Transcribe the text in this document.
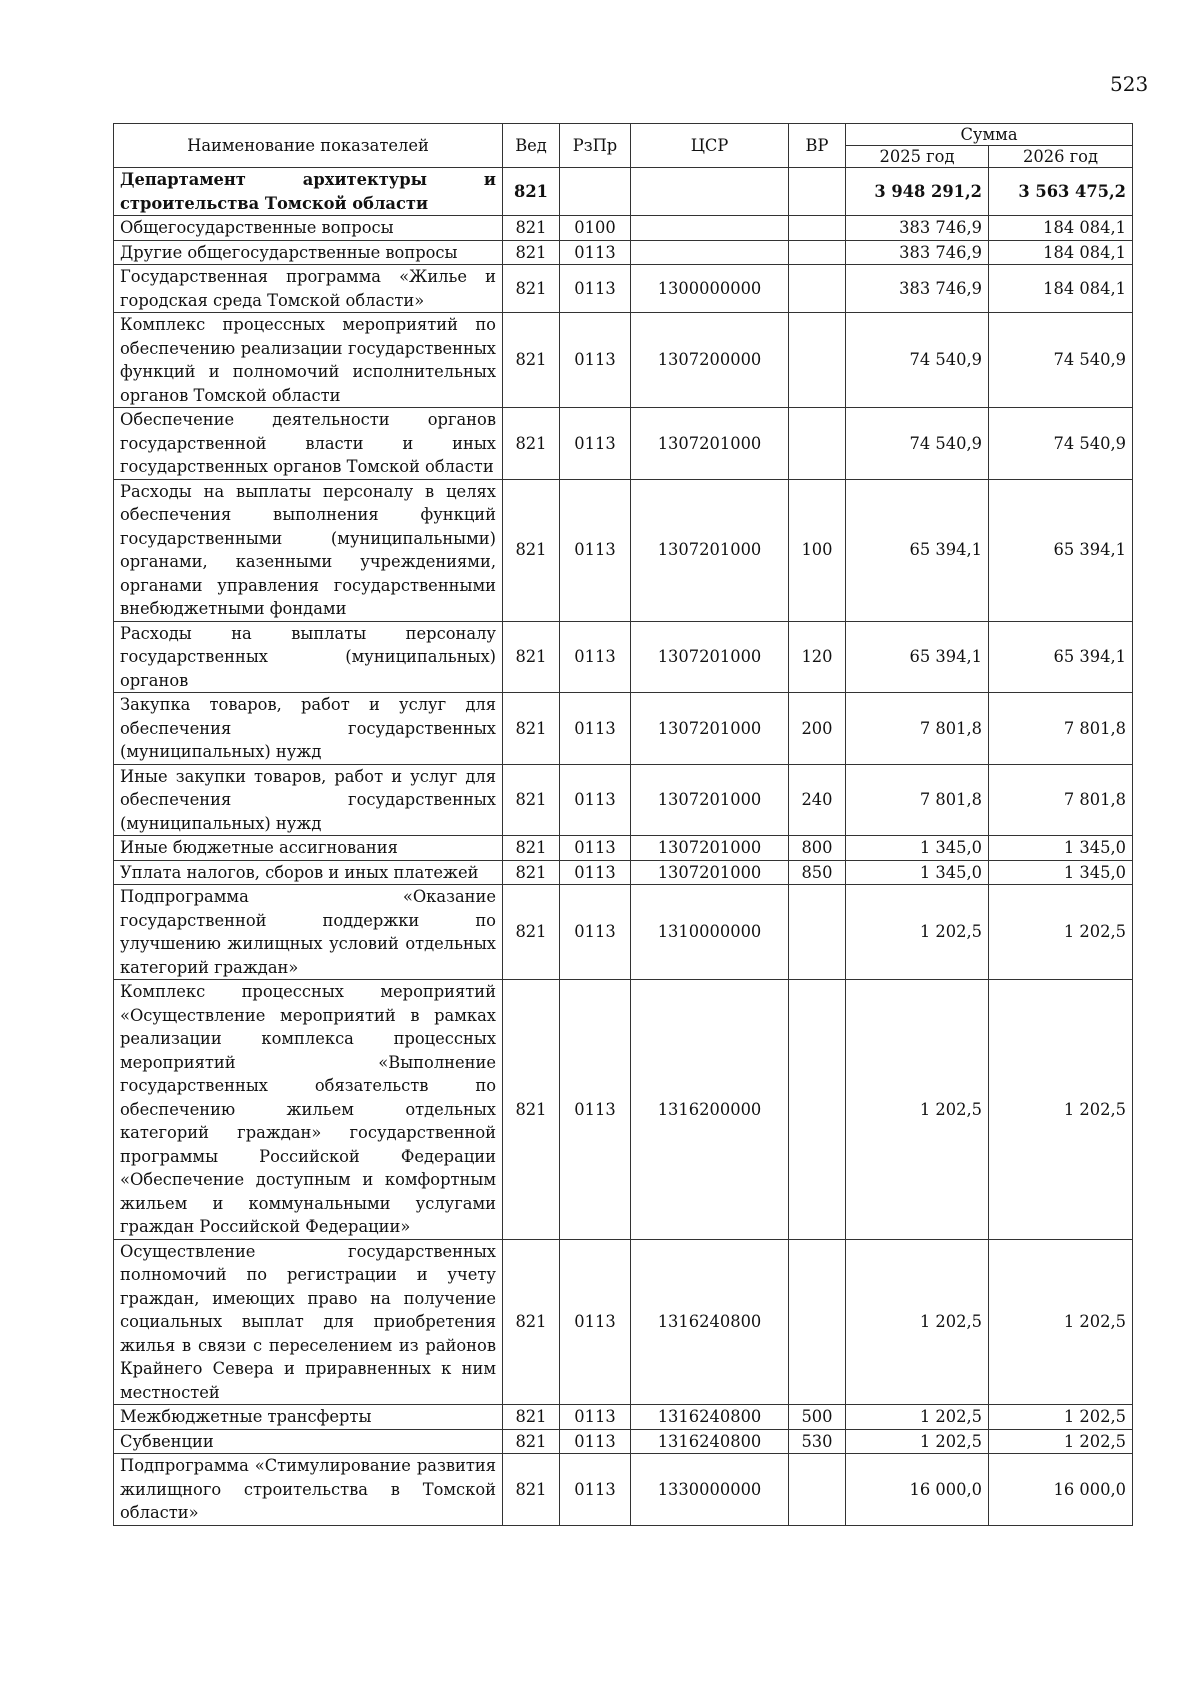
523
Наименование показателей	Вед	РзПр	ЦСР	ВР	Сумма	
					2025 год	2026 год
Департамент архитектуры и строительства Томской области	821				3 948 291,2	3 563 475,2
Общегосударственные вопросы	821	0100			383 746,9	184 084,1
Другие общегосударственные вопросы	821	0113			383 746,9	184 084,1
Государственная программа «Жилье и городская среда Томской области»	821	0113	1300000000		383 746,9	184 084,1
Комплекс процессных мероприятий по обеспечению реализации государственных функций и полномочий исполнительных органов Томской области	821	0113	1307200000		74 540,9	74 540,9
Обеспечение деятельности органов государственной власти и иных государственных органов Томской области	821	0113	1307201000		74 540,9	74 540,9
Расходы на выплаты персоналу в целях обеспечения выполнения функций государственными (муниципальными) органами, казенными учреждениями, органами управления государственными внебюджетными фондами	821	0113	1307201000	100	65 394,1	65 394,1
Расходы на выплаты персоналу государственных (муниципальных) органов	821	0113	1307201000	120	65 394,1	65 394,1
Закупка товаров, работ и услуг для обеспечения государственных (муниципальных) нужд	821	0113	1307201000	200	7 801,8	7 801,8
Иные закупки товаров, работ и услуг для обеспечения государственных (муниципальных) нужд	821	0113	1307201000	240	7 801,8	7 801,8
Иные бюджетные ассигнования	821	0113	1307201000	800	1 345,0	1 345,0
Уплата налогов, сборов и иных платежей	821	0113	1307201000	850	1 345,0	1 345,0
Подпрограмма «Оказание государственной поддержки по улучшению жилищных условий отдельных категорий граждан»	821	0113	1310000000		1 202,5	1 202,5
Комплекс процессных мероприятий «Осуществление мероприятий в рамках реализации комплекса процессных мероприятий «Выполнение государственных обязательств по обеспечению жильем отдельных категорий граждан» государственной программы Российской Федерации «Обеспечение доступным и комфортным жильем и коммунальными услугами граждан Российской Федерации»	821	0113	1316200000		1 202,5	1 202,5
Осуществление государственных полномочий по регистрации и учету граждан, имеющих право на получение социальных выплат для приобретения жилья в связи с переселением из районов Крайнего Севера и приравненных к ним местностей	821	0113	1316240800		1 202,5	1 202,5
Межбюджетные трансферты	821	0113	1316240800	500	1 202,5	1 202,5
Субвенции	821	0113	1316240800	530	1 202,5	1 202,5
Подпрограмма «Стимулирование развития жилищного строительства в Томской области»	821	0113	1330000000		16 000,0	16 000,0
